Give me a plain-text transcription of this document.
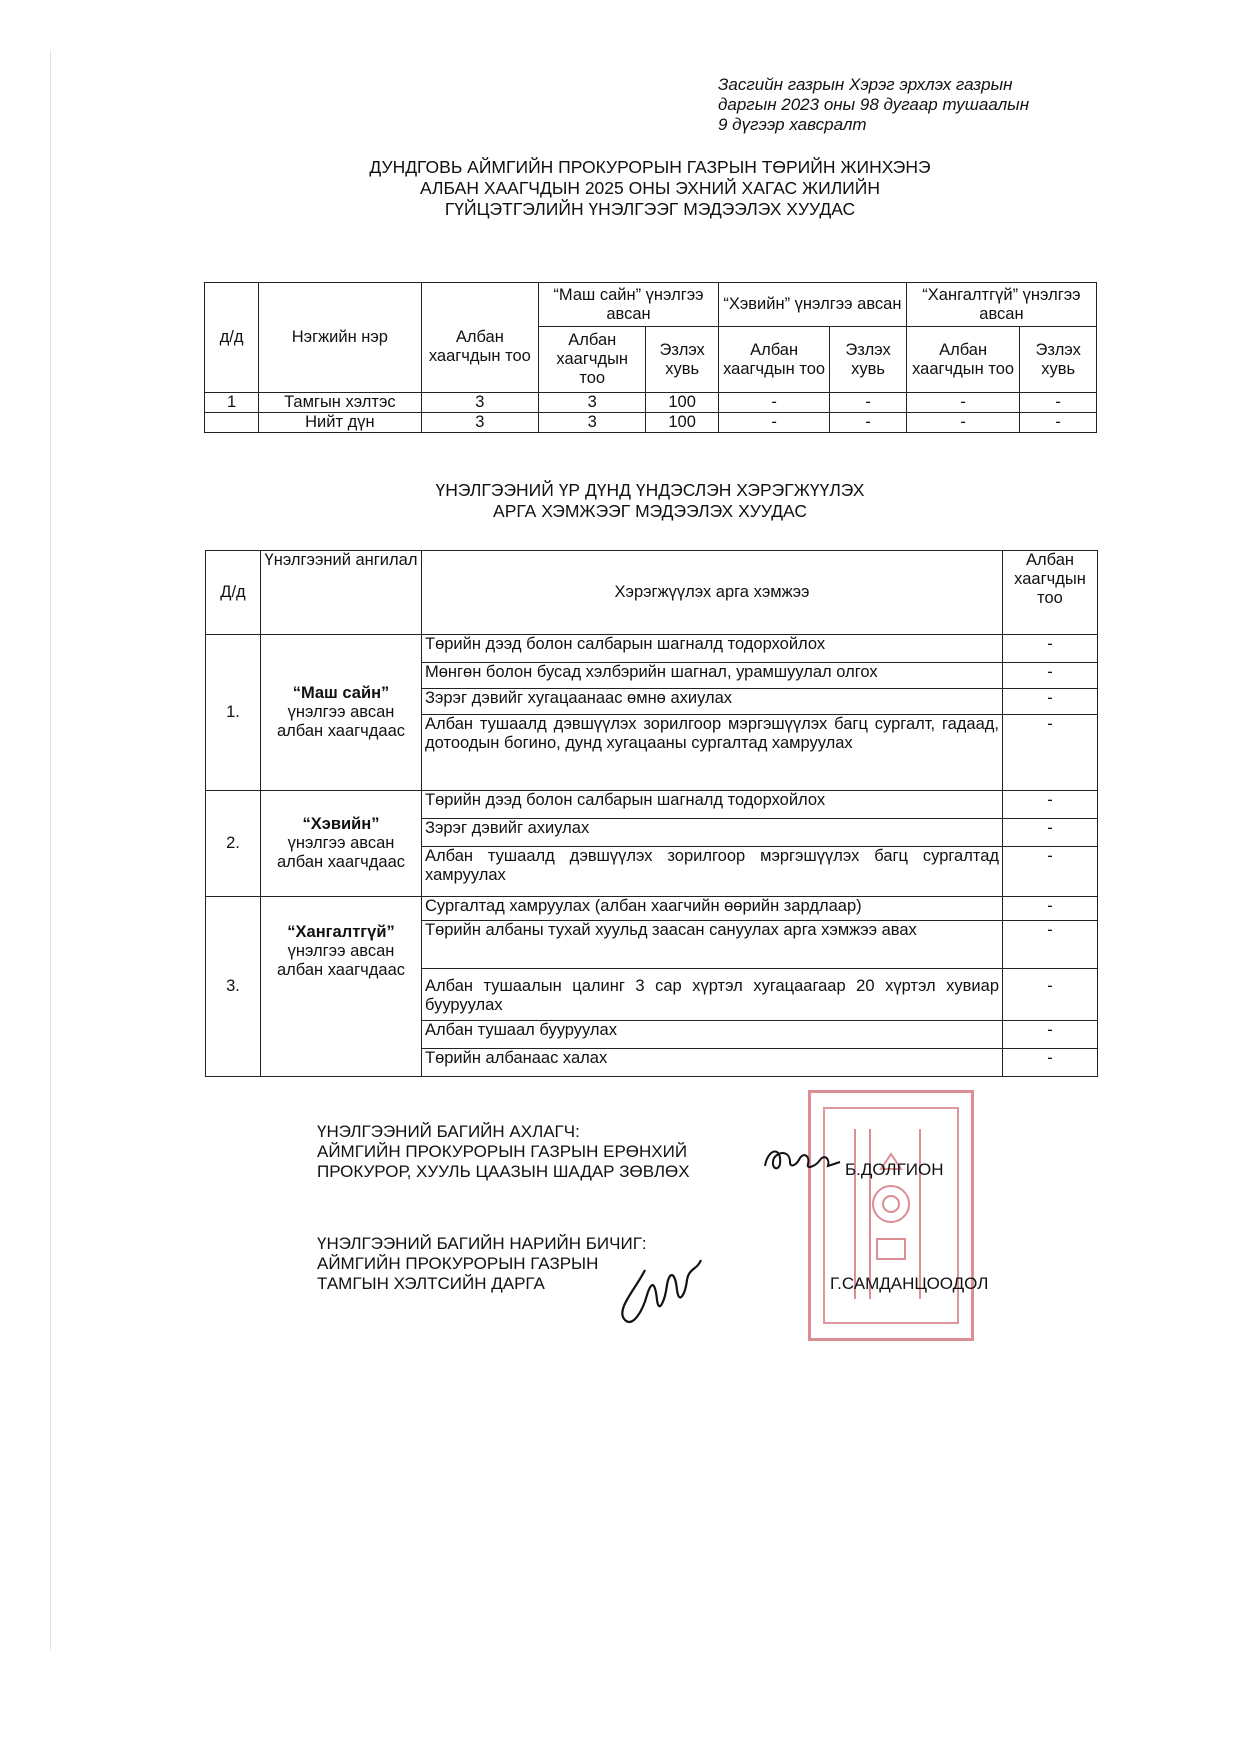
Засгийн газрын Хэрэг эрхлэх газрын
даргын 2023 оны 98 дугаар тушаалын
9 дүгээр хавсралт
ДУНДГОВЬ АЙМГИЙН ПРОКУРОРЫН ГАЗРЫН ТӨРИЙН ЖИНХЭНЭ
АЛБАН ХААГЧДЫН 2025 ОНЫ ЭХНИЙ ХАГАС ЖИЛИЙН
ГҮЙЦЭТГЭЛИЙН ҮНЭЛГЭЭГ МЭДЭЭЛЭХ ХУУДАС
д/д	Нэгжийн нэр	Албан хаагчдын тоо	“Маш сайн” үнэлгээ авсан		“Хэвийн” үнэлгээ авсан		“Хангалтгүй” үнэлгээ авсан	
			Албан хаагчдын тоо	Эзлэх хувь	Албан хаагчдын тоо	Эзлэх хувь	Албан хаагчдын тоо	Эзлэх хувь
1	Тамгын хэлтэс	3	3	100	-	-	-	-
	Нийт дүн	3	3	100	-	-	-	-
ҮНЭЛГЭЭНИЙ ҮР ДҮНД ҮНДЭСЛЭН ХЭРЭГЖҮҮЛЭХ
АРГА ХЭМЖЭЭГ МЭДЭЭЛЭХ ХУУДАС
Д/д	Үнэлгээний ангилал	Хэрэгжүүлэх арга хэмжээ	Албан хаагчдын тоо
1.	“Маш сайн”
үнэлгээ авсан албан хаагчдаас	Төрийн дээд болон салбарын шагналд тодорхойлох	-
		Мөнгөн болон бусад хэлбэрийн шагнал, урамшуулал олгох	-
		Зэрэг дэвийг хугацаанаас өмнө ахиулах	-
		Албан тушаалд дэвшүүлэх зорилгоор мэргэшүүлэх багц сургалт, гадаад, дотоодын богино, дунд хугацааны сургалтад хамруулах	-
2.	“Хэвийн”
үнэлгээ авсан албан хаагчдаас	Төрийн дээд болон салбарын шагналд тодорхойлох	-
		Зэрэг дэвийг ахиулах	-
		Албан тушаалд дэвшүүлэх зорилгоор мэргэшүүлэх багц сургалтад хамруулах	-
3.	“Хангалтгүй”
үнэлгээ авсан албан хаагчдаас	Сургалтад хамруулах (албан хаагчийн өөрийн зардлаар)	-
		Төрийн албаны тухай хуульд заасан сануулах арга хэмжээ авах	-
		Албан тушаалын цалинг 3 сар хүртэл хугацаагаар 20 хүртэл хувиар бууруулах	-
		Албан тушаал бууруулах	-
		Төрийн албанаас халах	-
ҮНЭЛГЭЭНИЙ БАГИЙН АХЛАГЧ:
АЙМГИЙН ПРОКУРОРЫН ГАЗРЫН ЕРӨНХИЙ
ПРОКУРОР, ХУУЛЬ ЦААЗЫН ШАДАР ЗӨВЛӨХ	Б.ДОЛГИОН
ҮНЭЛГЭЭНИЙ БАГИЙН НАРИЙН БИЧИГ:
АЙМГИЙН ПРОКУРОРЫН ГАЗРЫН
ТАМГЫН ХЭЛТСИЙН ДАРГА	Г.САМДАНЦООДОЛ
